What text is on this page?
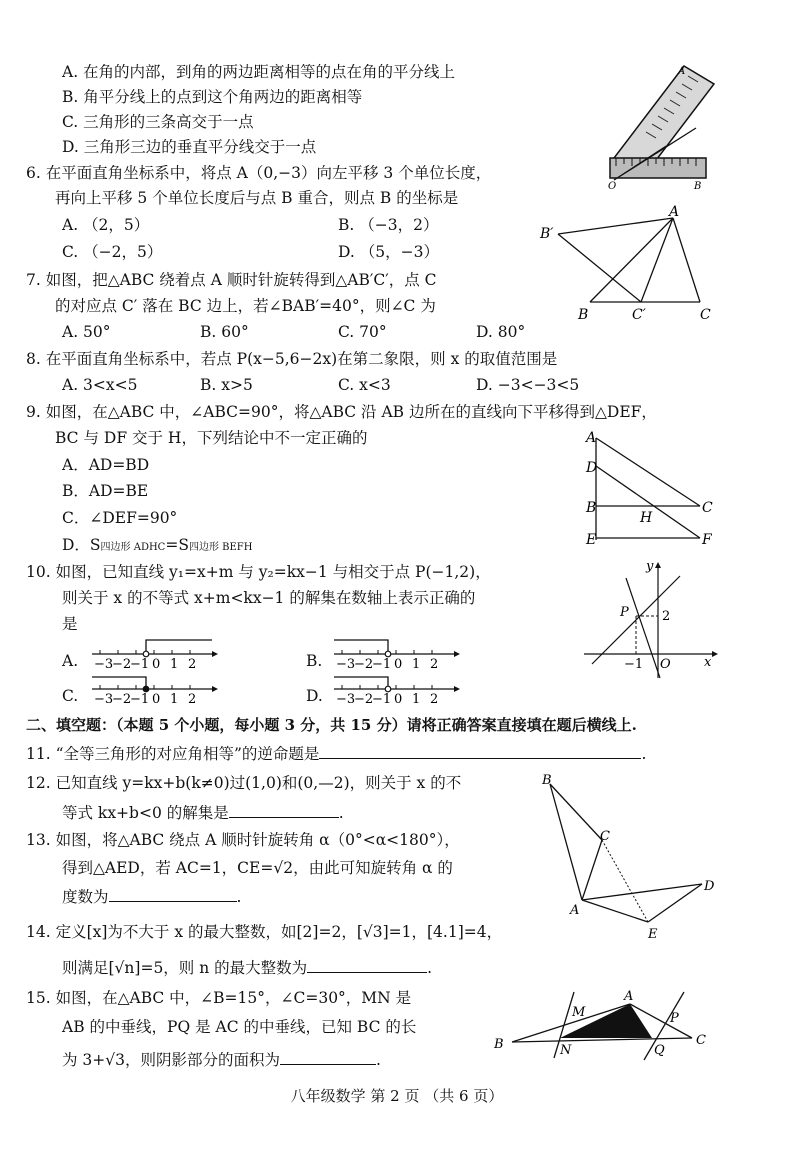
A. 在角的内部，到角的两边距离相等的点在角的平分线上
B. 角平分线上的点到这个角两边的距离相等
C. 三角形的三条高交于一点
D. 三角形三边的垂直平分线交于一点
A
O	B
6. 在平面直角坐标系中，将点 A（0,−3）向左平移 3 个单位长度，
再向上平移 5 个单位长度后与点 B 重合，则点 B 的坐标是
A. （2，5）	B. （−3，2）
C. （−2，5）	D. （5，−3）
A
B′
B	C′	C
7. 如图，把△ABC 绕着点 A 顺时针旋转得到△AB′C′，点 C
的对应点 C′ 落在 BC 边上，若∠BAB′=40°，则∠C 为
A. 50°	B. 60°	C. 70°	D. 80°
8. 在平面直角坐标系中，若点 P(x−5,6−2x)在第二象限，则 x 的取值范围是
A. 3<x<5	B. x>5	C. x<3	D. −3<−3<5
9. 如图，在△ABC 中，∠ABC=90°，将△ABC 沿 AB 边所在的直线向下平移得到△DEF，
BC 与 DF 交于 H，下列结论中不一定正确的
A．AD=BD
B．AD=BE
C．∠DEF=90°
D．S四边形 ADHC=S四边形 BEFH
A
D
B	C
H
E	F
10. 如图，已知直线 y₁=x+m 与 y₂=kx−1 与相交于点 P(−1,2)，
则关于 x 的不等式 x+m<kx−1 的解集在数轴上表示正确的
是
y
x
P	2
−1 O
A. −3
−2
−1 0 1 2	B. −3
−2
−1 0 1 2
C. −3
−2
−1 0 1 2	D. −3
−2
−1 0 1 2
二、填空题：（本题 5 个小题，每小题 3 分，共 15 分）请将正确答案直接填在题后横线上.
11. “全等三角形的对应角相等”的逆命题是	.
12. 已知直线 y=kx+b(k≠0)过(1,0)和(0,—2)，则关于 x 的不
等式 kx+b<0 的解集是	.
B
C
D
A
E
13. 如图，将△ABC 绕点 A 顺时针旋转角 α（0°<α<180°），
得到△AED，若 AC=1，CE=√2，由此可知旋转角 α 的
度数为	.
14. 定义[x]为不大于 x 的最大整数，如[2]=2，[√3]=1，[4.1]=4，
则满足[√n]=5，则 n 的最大整数为	.
15. 如图，在△ABC 中，∠B=15°，∠C=30°，MN 是
AB 的中垂线，PQ 是 AC 的中垂线，已知 BC 的长
为 3+√3，则阴影部分的面积为	.
A
M	P
B	N	Q
C
八年级数学 第 2 页 （共 6 页）
